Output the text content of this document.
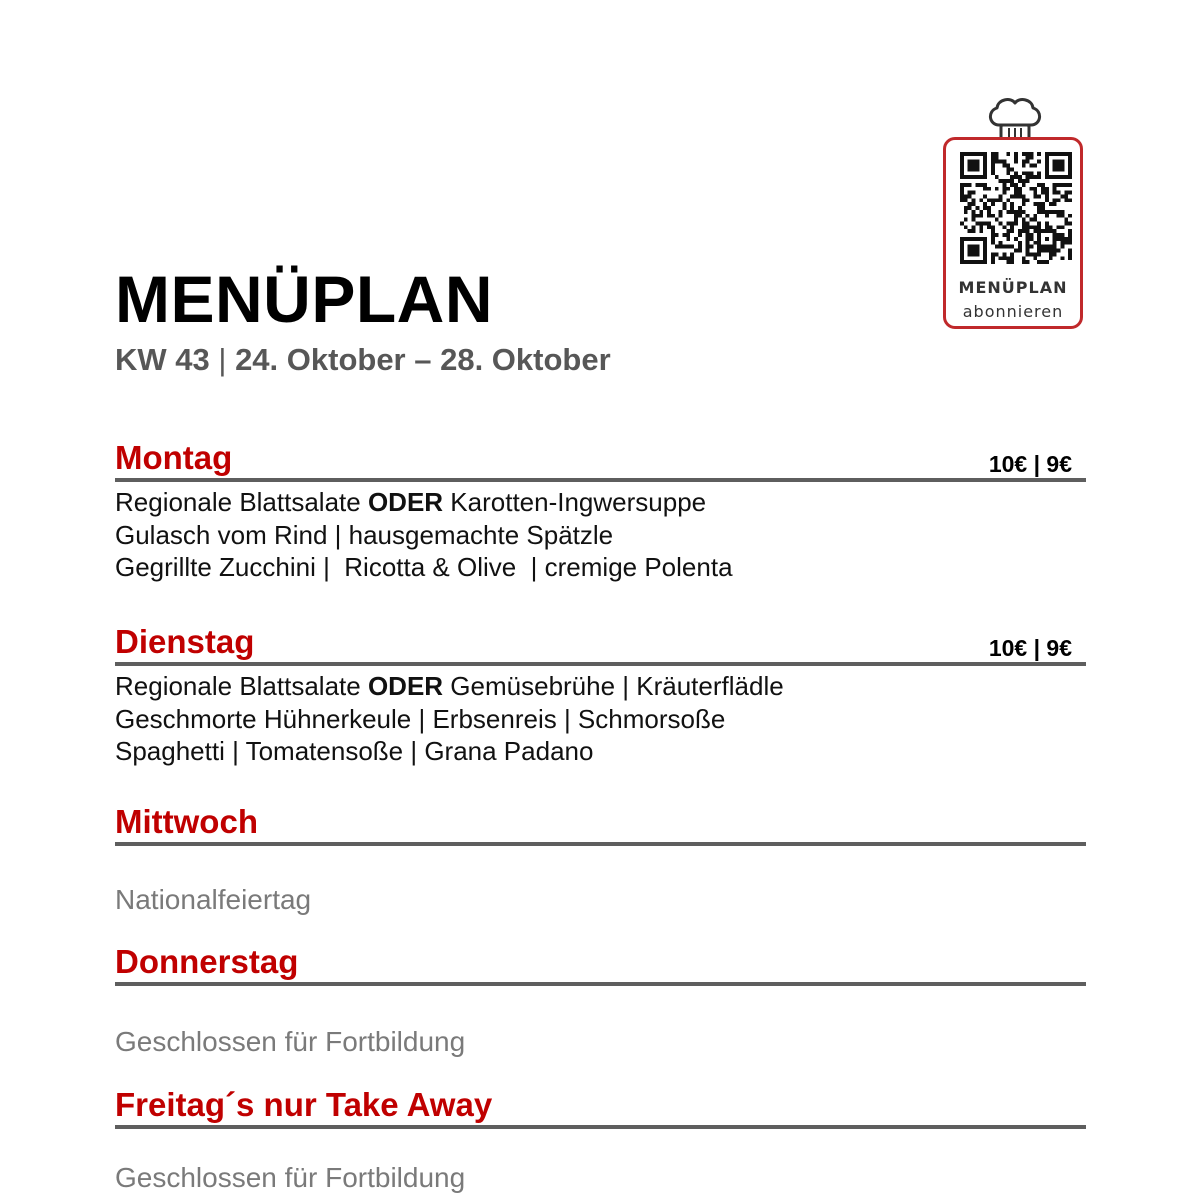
MENÜPLAN

KW 43 | 24. Oktober – 28. Oktober

MENÜPLAN
abonnieren
Montag	10€ | 9€
Regionale Blattsalate ODER Karotten-Ingwersuppe
Gulasch vom Rind | hausgemachte Spätzle
Gegrillte Zucchini |  Ricotta & Olive  | cremige Polenta
Dienstag	10€ | 9€
Regionale Blattsalate ODER Gemüsebrühe | Kräuterflädle
Geschmorte Hühnerkeule | Erbsenreis | Schmorsoße
Spaghetti | Tomatensoße | Grana Padano
Mittwoch
Nationalfeiertag
Donnerstag
Geschlossen für Fortbildung
Freitag´s nur Take Away
Geschlossen für Fortbildung
